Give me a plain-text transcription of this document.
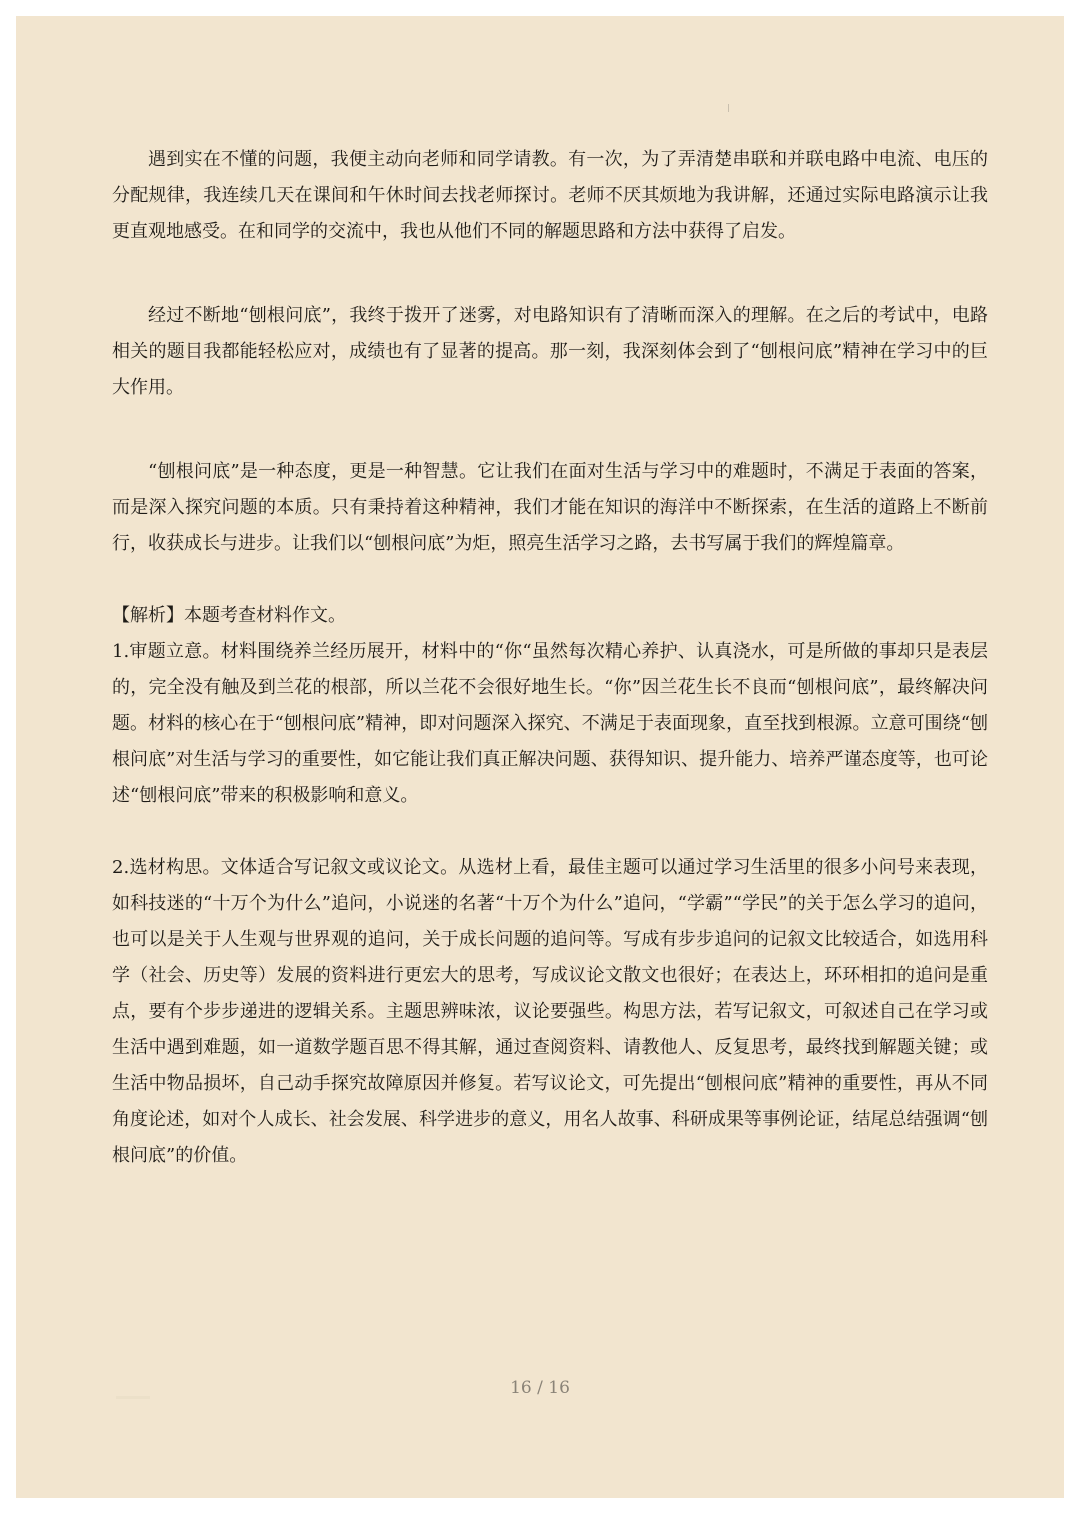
遇到实在不懂的问题，我便主动向老师和同学请教。有一次，为了弄清楚串联和并联电路中电流、电压的分配规律，我连续几天在课间和午休时间去找老师探讨。老师不厌其烦地为我讲解，还通过实际电路演示让我更直观地感受。在和同学的交流中，我也从他们不同的解题思路和方法中获得了启发。

经过不断地“刨根问底”，我终于拨开了迷雾，对电路知识有了清晰而深入的理解。在之后的考试中，电路相关的题目我都能轻松应对，成绩也有了显著的提高。那一刻，我深刻体会到了“刨根问底”精神在学习中的巨大作用。

“刨根问底”是一种态度，更是一种智慧。它让我们在面对生活与学习中的难题时，不满足于表面的答案，而是深入探究问题的本质。只有秉持着这种精神，我们才能在知识的海洋中不断探索，在生活的道路上不断前行，收获成长与进步。让我们以“刨根问底”为炬，照亮生活学习之路，去书写属于我们的辉煌篇章。

【解析】本题考查材料作文。

1.审题立意。材料围绕养兰经历展开，材料中的“你“虽然每次精心养护、认真浇水，可是所做的事却只是表层的，完全没有触及到兰花的根部，所以兰花不会很好地生长。“你”因兰花生长不良而“刨根问底”，最终解决问题。材料的核心在于“刨根问底”精神，即对问题深入探究、不满足于表面现象，直至找到根源。立意可围绕“刨根问底”对生活与学习的重要性，如它能让我们真正解决问题、获得知识、提升能力、培养严谨态度等，也可论述“刨根问底”带来的积极影响和意义。

2.选材构思。文体适合写记叙文或议论文。从选材上看，最佳主题可以通过学习生活里的很多小问号来表现，如科技迷的“十万个为什么”追问，小说迷的名著“十万个为什么”追问，“学霸”“学民”的关于怎么学习的追问，也可以是关于人生观与世界观的追问，关于成长问题的追问等。写成有步步追问的记叙文比较适合，如选用科学（社会、历史等）发展的资料进行更宏大的思考，写成议论文散文也很好；在表达上，环环相扣的追问是重点，要有个步步递进的逻辑关系。主题思辨味浓，议论要强些。构思方法，若写记叙文，可叙述自己在学习或生活中遇到难题，如一道数学题百思不得其解，通过查阅资料、请教他人、反复思考，最终找到解题关键；或生活中物品损坏，自己动手探究故障原因并修复。若写议论文，可先提出“刨根问底”精神的重要性，再从不同角度论述，如对个人成长、社会发展、科学进步的意义，用名人故事、科研成果等事例论证，结尾总结强调“刨根问底”的价值。

16 / 16
